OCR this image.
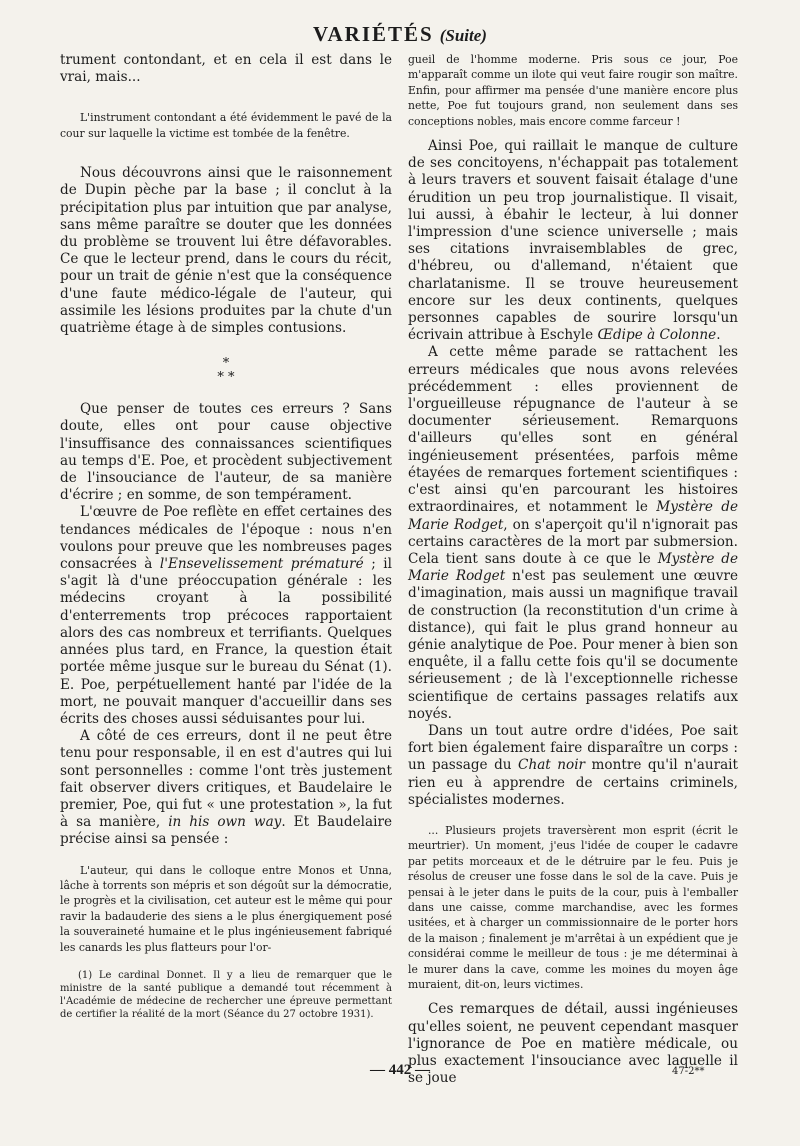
VARIÉTÉS (Suite)

trument contondant, et en cela il est dans le vrai, mais...

L'instrument contondant a été évidemment le pavé de la cour sur laquelle la victime est tombée de la fenêtre.

Nous découvrons ainsi que le raisonnement de Dupin pèche par la base ; il conclut à la précipitation plus par intuition que par analyse, sans même paraître se douter que les données du problème se trouvent lui être défavorables. Ce que le lecteur prend, dans le cours du récit, pour un trait de génie n'est que la conséquence d'une faute médico-légale de l'auteur, qui assimile les lésions produites par la chute d'un quatrième étage à de simples contusions.

*
* *

Que penser de toutes ces erreurs ? Sans doute, elles ont pour cause objective l'insuffisance des connaissances scientifiques au temps d'E. Poe, et procèdent subjectivement de l'insouciance de l'auteur, de sa manière d'écrire ; en somme, de son tempérament.

L'œuvre de Poe reflète en effet certaines des tendances médicales de l'époque : nous n'en voulons pour preuve que les nombreuses pages consacrées à l'Ensevelissement prématuré ; il s'agit là d'une préoccupation générale : les médecins croyant à la possibilité d'enterrements trop précoces rapportaient alors des cas nombreux et terrifiants. Quelques années plus tard, en France, la question était portée même jusque sur le bureau du Sénat (1). E. Poe, perpétuellement hanté par l'idée de la mort, ne pouvait manquer d'accueillir dans ses écrits des choses aussi séduisantes pour lui.

A côté de ces erreurs, dont il ne peut être tenu pour responsable, il en est d'autres qui lui sont personnelles : comme l'ont très justement fait observer divers critiques, et Baudelaire le premier, Poe, qui fut « une protestation », la fut à sa manière, in his own way. Et Baudelaire précise ainsi sa pensée :

L'auteur, qui dans le colloque entre Monos et Unna, lâche à torrents son mépris et son dégoût sur la démocratie, le progrès et la civilisation, cet auteur est le même qui pour ravir la badauderie des siens a le plus énergiquement posé la souveraineté humaine et le plus ingénieusement fabriqué les canards les plus flatteurs pour l'or-

(1) Le cardinal Donnet. Il y a lieu de remarquer que le ministre de la santé publique a demandé tout récemment à l'Académie de médecine de rechercher une épreuve permettant de certifier la réalité de la mort (Séance du 27 octobre 1931).

gueil de l'homme moderne. Pris sous ce jour, Poe m'apparaît comme un ilote qui veut faire rougir son maître. Enfin, pour affirmer ma pensée d'une manière encore plus nette, Poe fut toujours grand, non seulement dans ses conceptions nobles, mais encore comme farceur !

Ainsi Poe, qui raillait le manque de culture de ses concitoyens, n'échappait pas totalement à leurs travers et souvent faisait étalage d'une érudition un peu trop journalistique. Il visait, lui aussi, à ébahir le lecteur, à lui donner l'impression d'une science universelle ; mais ses citations invraisemblables de grec, d'hébreu, ou d'allemand, n'étaient que charlatanisme. Il se trouve heureusement encore sur les deux continents, quelques personnes capables de sourire lorsqu'un écrivain attribue à Eschyle Œdipe à Colonne.

A cette même parade se rattachent les erreurs médicales que nous avons relevées précédemment : elles proviennent de l'orgueilleuse répugnance de l'auteur à se documenter sérieusement. Remarquons d'ailleurs qu'elles sont en général ingénieusement présentées, parfois même étayées de remarques fortement scientifiques : c'est ainsi qu'en parcourant les histoires extraordinaires, et notamment le Mystère de Marie Rodget, on s'aperçoit qu'il n'ignorait pas certains caractères de la mort par submersion. Cela tient sans doute à ce que le Mystère de Marie Rodget n'est pas seulement une œuvre d'imagination, mais aussi un magnifique travail de construction (la reconstitution d'un crime à distance), qui fait le plus grand honneur au génie analytique de Poe. Pour mener à bien son enquête, il a fallu cette fois qu'il se documente sérieusement ; de là l'exceptionnelle richesse scientifique de certains passages relatifs aux noyés.

Dans un tout autre ordre d'idées, Poe sait fort bien également faire disparaître un corps : un passage du Chat noir montre qu'il n'aurait rien eu à apprendre de certains criminels, spécialistes modernes.

... Plusieurs projets traversèrent mon esprit (écrit le meurtrier). Un moment, j'eus l'idée de couper le cadavre par petits morceaux et de le détruire par le feu. Puis je résolus de creuser une fosse dans le sol de la cave. Puis je pensai à le jeter dans le puits de la cour, puis à l'emballer dans une caisse, comme marchandise, avec les formes usitées, et à charger un commissionnaire de le porter hors de la maison ; finalement je m'arrêtai à un expédient que je considérai comme le meilleur de tous : je me déterminai à le murer dans la cave, comme les moines du moyen âge muraient, dit-on, leurs victimes.

Ces remarques de détail, aussi ingénieuses qu'elles soient, ne peuvent cependant masquer l'ignorance de Poe en matière médicale, ou plus exactement l'insouciance avec laquelle il se joue

— 442 —	47-2**
